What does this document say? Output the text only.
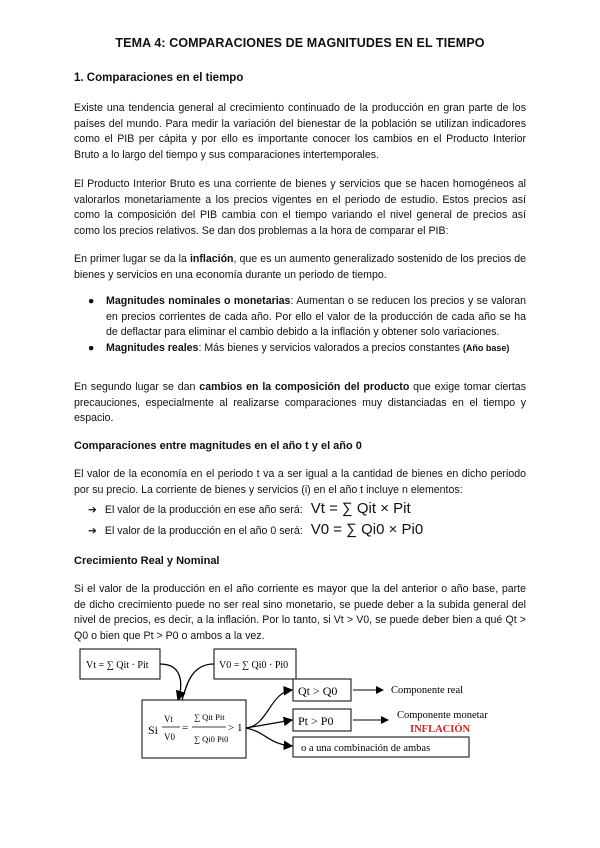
TEMA 4: COMPARACIONES DE MAGNITUDES EN EL TIEMPO
1. Comparaciones en el tiempo

Existe una tendencia general al crecimiento continuado de la producción en gran parte de los países del mundo. Para medir la variación del bienestar de la población se utilizan indicadores como el PIB per cápita y por ello es importante conocer los cambios en el Producto Interior Bruto a lo largo del tiempo y sus comparaciones intertemporales.

El Producto Interior Bruto es una corriente de bienes y servicios que se hacen homogéneos al valorarlos monetariamente a los precios vigentes en el periodo de estudio. Estos precios así como la composición del PIB cambia con el tiempo variando el nivel general de precios así como los precios relativos. Se dan dos problemas a la hora de comparar el PIB:

En primer lugar se da la inflación, que es un aumento generalizado sostenido de los precios de bienes y servicios en una economía durante un periodo de tiempo.

● Magnitudes nominales o monetarias: Aumentan o se reducen los precios y se valoran en precios corrientes de cada año. Por ello el valor de la producción de cada año se ha de deflactar para eliminar el cambio debido a la inflación y obtener solo variaciones.
● Magnitudes reales: Más bienes y servicios valorados a precios constantes (Año base)

En segundo lugar se dan cambios en la composición del producto que exige tomar ciertas precauciones, especialmente al realizarse comparaciones muy distanciadas en el tiempo y espacio.

Comparaciones entre magnitudes en el año t y el año 0

El valor de la economía en el periodo t va a ser igual a la cantidad de bienes en dicho periodo por su precio. La corriente de bienes y servicios (i) en el año t incluye n elementos:

➔ El valor de la producción en ese año será: Vt = ∑ Qit × Pit
➔ El valor de la producción en el año 0 será: V0 = ∑ Qi0 × Pi0
Crecimiento Real y Nominal

Si el valor de la producción en el año corriente es mayor que la del anterior o año base, parte de dicho crecimiento puede no ser real sino monetario, se puede deber a la subida general del nivel de precios, es decir, a la inflación. Por lo tanto, si Vt > V0, se puede deber bien a qué Qt > Q0 o bien que Pt > P0 o ambos a la vez.

Vt = ∑ Qit · Pit	V0 = ∑ Qi0 · Pi0
Si
Vt
V0
=
∑ Qit Pit
∑ Qi0 Pi0
> 1
Qt > Q0
Pt > P0
o a una combinación de ambas
Componente real
Componente monetar
INFLACIÓN
